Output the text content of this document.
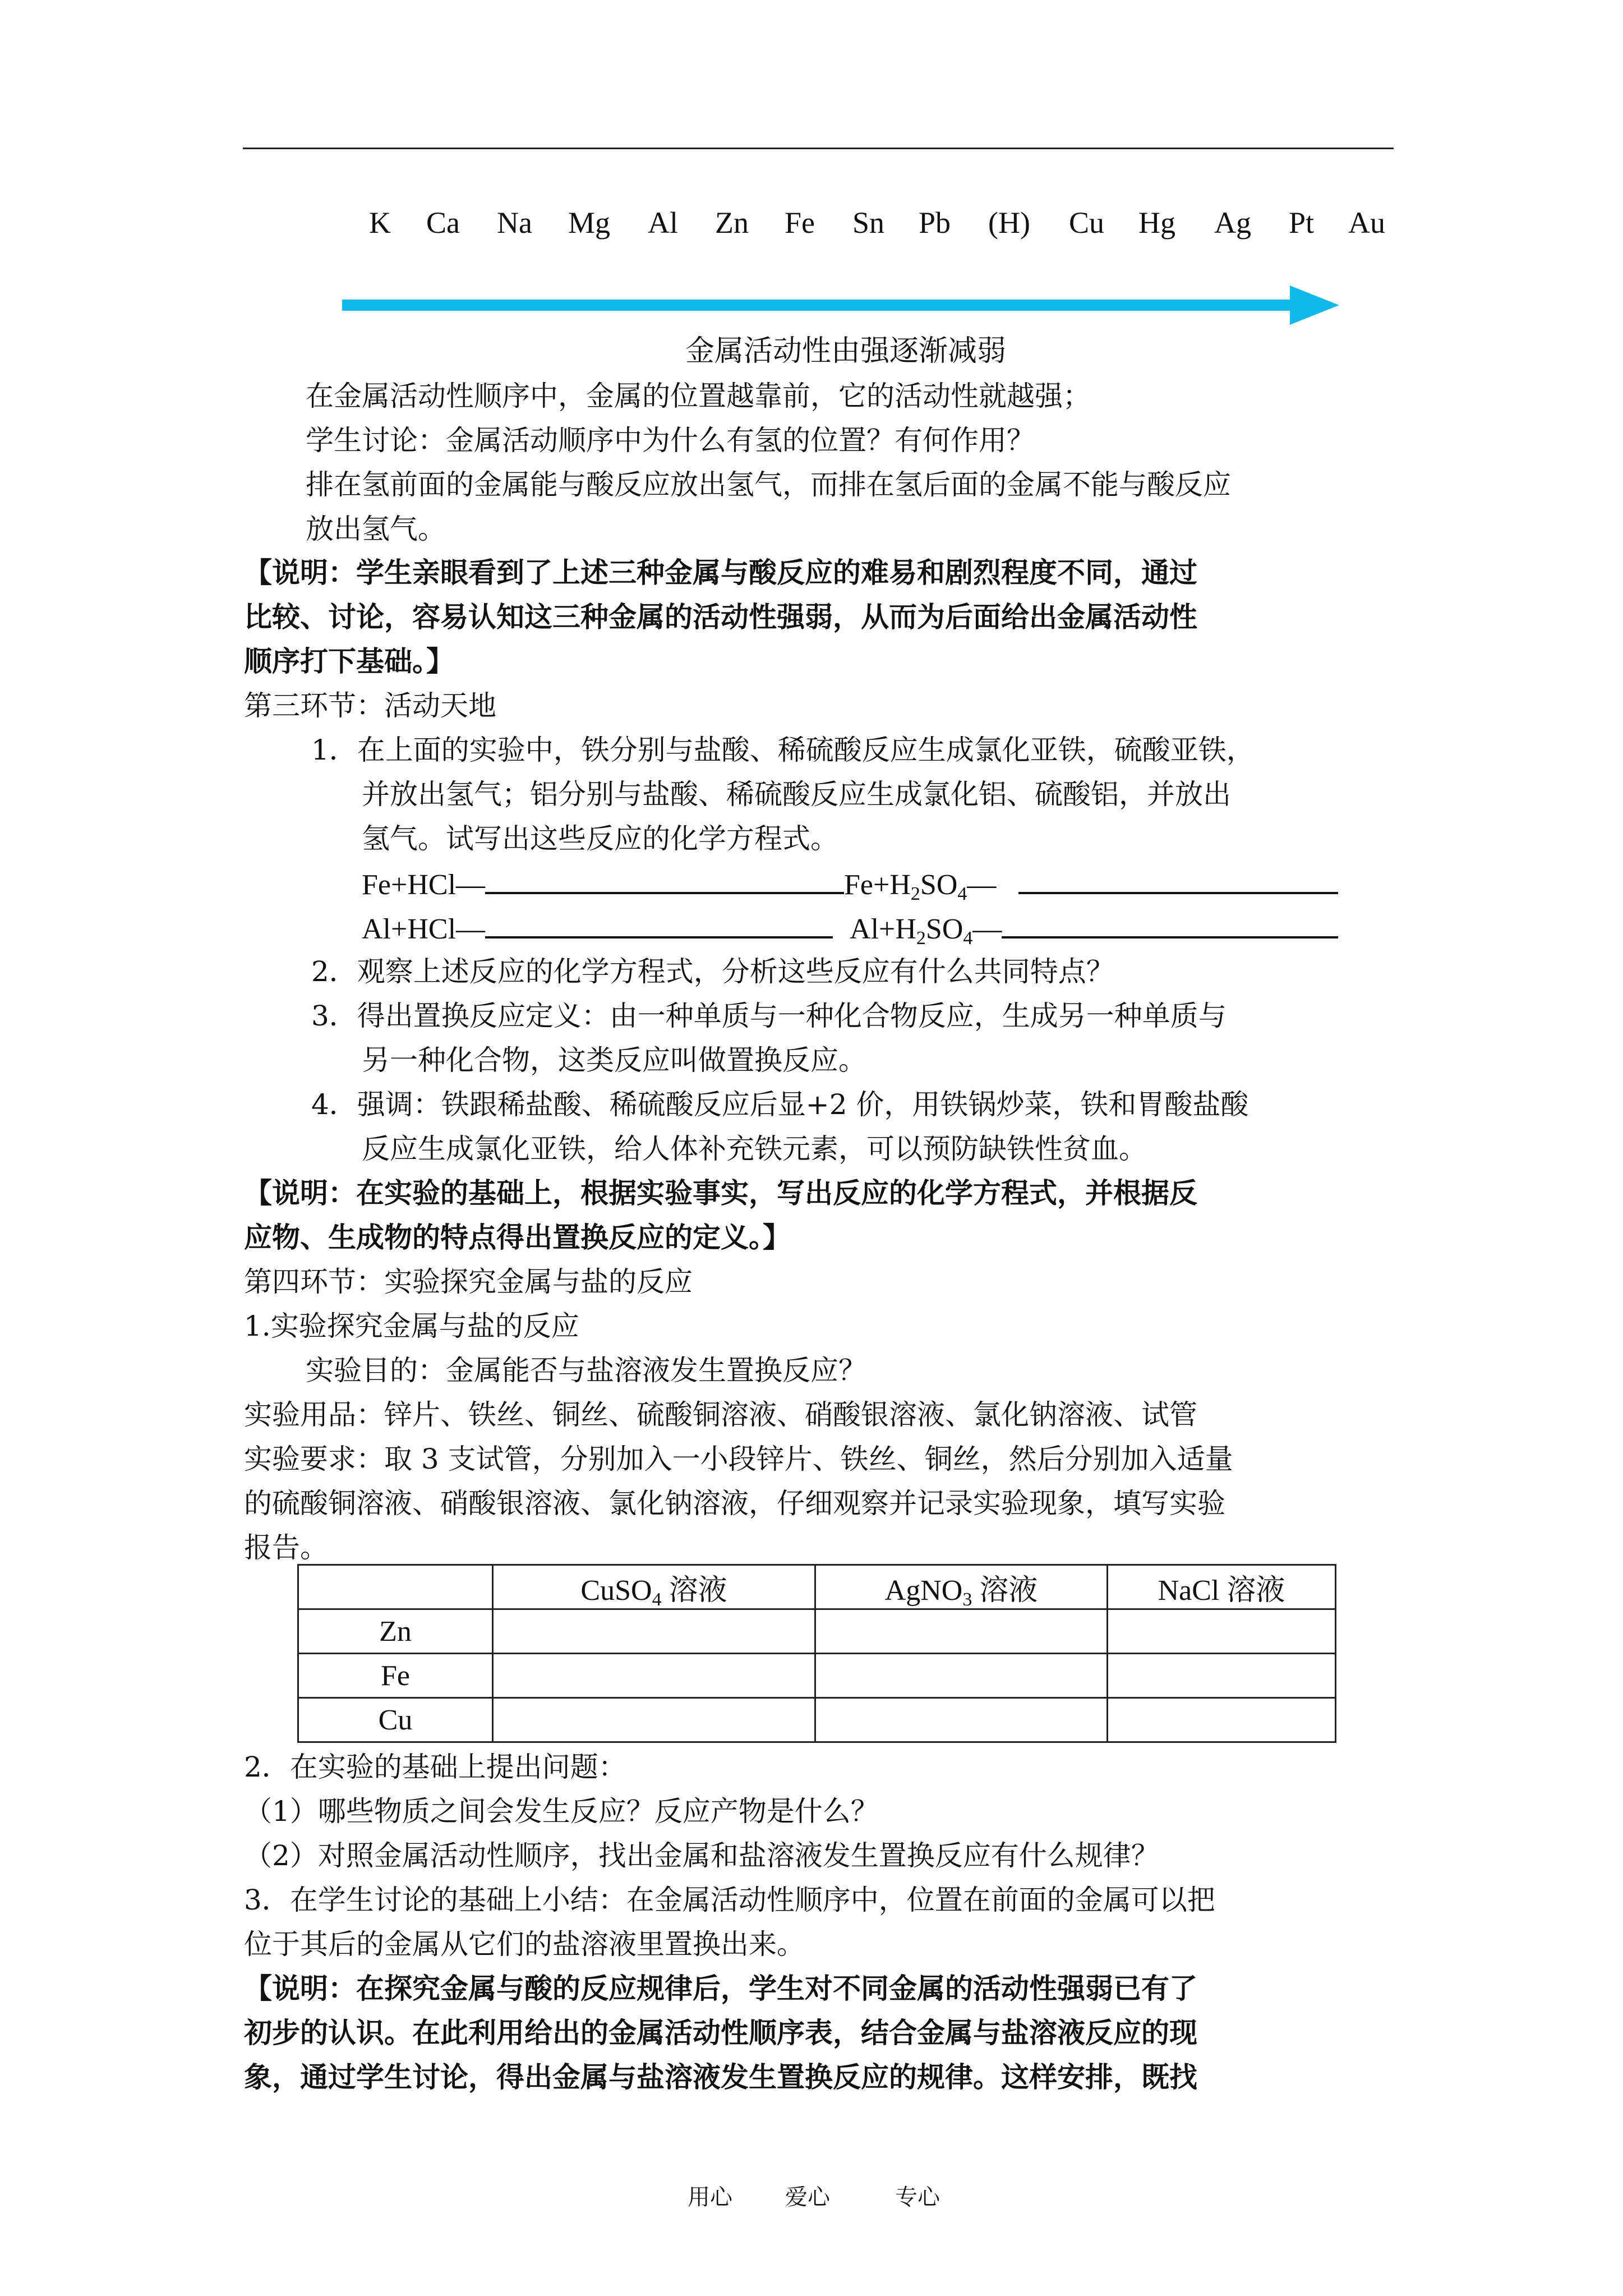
K Ca Na Mg Al Zn Fe Sn Pb (H) Cu Hg Ag Pt Au
金属活动性由强逐渐减弱
在金属活动性顺序中，金属的位置越靠前，它的活动性就越强；
学生讨论：金属活动顺序中为什么有氢的位置？有何作用？
排在氢前面的金属能与酸反应放出氢气，而排在氢后面的金属不能与酸反应
放出氢气。
【说明：学生亲眼看到了上述三种金属与酸反应的难易和剧烈程度不同，通过
比较、讨论，容易认知这三种金属的活动性强弱，从而为后面给出金属活动性
顺序打下基础。】
第三环节：活动天地
1．在上面的实验中，铁分别与盐酸、稀硫酸反应生成氯化亚铁，硫酸亚铁，
并放出氢气；铝分别与盐酸、稀硫酸反应生成氯化铝、硫酸铝，并放出
氢气。试写出这些反应的化学方程式。
Fe+HCl—	$Fe+H_2SO_4—$
Al+HCl—	$Al+H_2SO_4—$
2．观察上述反应的化学方程式，分析这些反应有什么共同特点？
3．得出置换反应定义：由一种单质与一种化合物反应，生成另一种单质与
另一种化合物，这类反应叫做置换反应。
4．强调：铁跟稀盐酸、稀硫酸反应后显+2 价，用铁锅炒菜，铁和胃酸盐酸
反应生成氯化亚铁，给人体补充铁元素，可以预防缺铁性贫血。
【说明：在实验的基础上，根据实验事实，写出反应的化学方程式，并根据反
应物、生成物的特点得出置换反应的定义。】
第四环节：实验探究金属与盐的反应
1.实验探究金属与盐的反应
实验目的：金属能否与盐溶液发生置换反应？
实验用品：锌片、铁丝、铜丝、硫酸铜溶液、硝酸银溶液、氯化钠溶液、试管
实验要求：取 3 支试管，分别加入一小段锌片、铁丝、铜丝，然后分别加入适量
的硫酸铜溶液、硝酸银溶液、氯化钠溶液，仔细观察并记录实验现象，填写实验
报告。
	CuSO$_4$ 溶液	AgNO$_3$ 溶液	NaCl 溶液
Zn			
Fe			
Cu			
2．在实验的基础上提出问题：
（1）哪些物质之间会发生反应？反应产物是什么？
（2）对照金属活动性顺序，找出金属和盐溶液发生置换反应有什么规律？
3．在学生讨论的基础上小结：在金属活动性顺序中，位置在前面的金属可以把
位于其后的金属从它们的盐溶液里置换出来。
【说明：在探究金属与酸的反应规律后，学生对不同金属的活动性强弱已有了
初步的认识。在此利用给出的金属活动性顺序表，结合金属与盐溶液反应的现
象，通过学生讨论，得出金属与盐溶液发生置换反应的规律。这样安排，既找
用心 爱心	专心
